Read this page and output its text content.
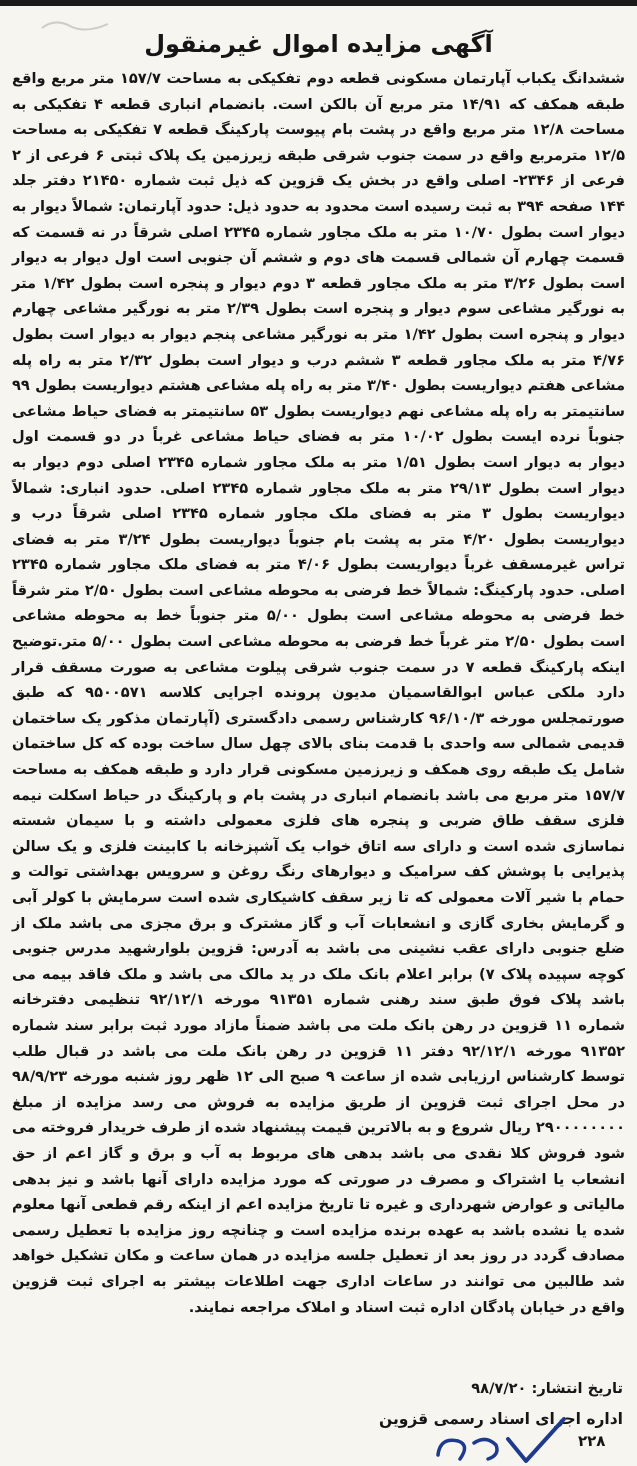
آگهی مزایده اموال غیرمنقول
ششدانگ یکباب آپارتمان مسکونی قطعه دوم تفکیکی به مساحت ۱۵۷/۷ متر مربع واقع طبقه همکف که ۱۴/۹۱ متر مربع آن بالکن است. بانضمام انباری قطعه ۴ تفکیکی به مساحت ۱۲/۸ متر مربع واقع در پشت بام پیوست پارکینگ قطعه ۷ تفکیکی به مساحت ۱۲/۵ مترمربع واقع در سمت جنوب شرقی طبقه زیرزمین یک پلاک ثبتی ۶ فرعی از ۲ فرعی از ۲۳۴۶- اصلی واقع در بخش یک قزوین که ذیل ثبت شماره ۲۱۴۵۰ دفتر جلد ۱۴۴ صفحه ۳۹۴ به ثبت رسیده است محدود به حدود ذیل: حدود آپارتمان: شمالاً دیوار به دیوار است بطول ۱۰/۷۰ متر به ملک مجاور شماره ۲۳۴۵ اصلی شرقاً در نه قسمت که قسمت چهارم آن شمالی قسمت های دوم و ششم آن جنوبی است اول دیوار به دیوار است بطول ۳/۲۶ متر به ملک مجاور قطعه ۳ دوم دیوار و پنجره است بطول ۱/۴۲ متر به نورگیر مشاعی سوم دیوار و پنجره است بطول ۲/۳۹ متر به نورگیر مشاعی چهارم دیوار و پنجره است بطول ۱/۴۲ متر به نورگیر مشاعی پنجم دیوار به دیوار است بطول ۴/۷۶ متر به ملک مجاور قطعه ۳ ششم درب و دیوار است بطول ۲/۳۲ متر به راه پله مشاعی هفتم دیواریست بطول ۳/۴۰ متر به راه پله مشاعی هشتم دیواریست بطول ۹۹ سانتیمتر به راه پله مشاعی نهم دیواریست بطول ۵۳ سانتیمتر به فضای حیاط مشاعی جنوباً نرده ایست بطول ۱۰/۰۲ متر به فضای حیاط مشاعی غرباً در دو قسمت اول دیوار به دیوار است بطول ۱/۵۱ متر به ملک مجاور شماره ۲۳۴۵ اصلی دوم دیوار به دیوار است بطول ۲۹/۱۳ متر به ملک مجاور شماره ۲۳۴۵ اصلی. حدود انباری: شمالاً دیواریست بطول ۳ متر به فضای ملک مجاور شماره ۲۳۴۵ اصلی شرقاً درب و دیواریست بطول ۴/۲۰ متر به پشت بام جنوباً دیواریست بطول ۳/۲۴ متر به فضای تراس غیرمسقف غرباً دیواریست بطول ۴/۰۶ متر به فضای ملک مجاور شماره ۲۳۴۵ اصلی. حدود پارکینگ: شمالاً خط فرضی به محوطه مشاعی است بطول ۲/۵۰ متر شرقاً خط فرضی به محوطه مشاعی است بطول ۵/۰۰ متر جنوباً خط به محوطه مشاعی است بطول ۲/۵۰ متر غرباً خط فرضی به محوطه مشاعی است بطول ۵/۰۰ متر.توضیح اینکه پارکینگ قطعه ۷ در سمت جنوب شرقی پیلوت مشاعی به صورت مسقف قرار دارد ملکی عباس ابوالقاسمیان مدیون پرونده اجرایی کلاسه ۹۵۰۰۵۷۱ که طبق صورتمجلس مورخه ۹۶/۱۰/۳ کارشناس رسمی دادگستری (آپارتمان مذکور یک ساختمان قدیمی شمالی سه واحدی با قدمت بنای بالای چهل سال ساخت بوده که کل ساختمان شامل یک طبقه روی همکف و زیرزمین مسکونی قرار دارد و طبقه همکف به مساحت ۱۵۷/۷ متر مربع می باشد بانضمام انباری در پشت بام و پارکینگ در حیاط اسکلت نیمه فلزی سقف طاق ضربی و پنجره های فلزی معمولی داشته و با سیمان شسته نماسازی شده است و دارای سه اتاق خواب یک آشپزخانه با کابینت فلزی و یک سالن پذیرایی با پوشش کف سرامیک و دیوارهای رنگ روغن و سرویس بهداشتی توالت و حمام با شیر آلات معمولی که تا زیر سقف کاشیکاری شده است سرمایش با کولر آبی و گرمایش بخاری گازی و انشعابات آب و گاز مشترک و برق مجزی می باشد ملک از ضلع جنوبی دارای عقب نشینی می باشد به آدرس: قزوین بلوارشهید مدرس جنوبی کوچه سپیده پلاک ۷) برابر اعلام بانک ملک در ید مالک می باشد و ملک فاقد بیمه می باشد پلاک فوق طبق سند رهنی شماره ۹۱۳۵۱ مورخه ۹۲/۱۲/۱ تنظیمی دفترخانه شماره ۱۱ قزوین در رهن بانک ملت می باشد ضمناً مازاد مورد ثبت برابر سند شماره ۹۱۳۵۲ مورخه ۹۲/۱۲/۱ دفتر ۱۱ قزوین در رهن بانک ملت می باشد در قبال طلب توسط کارشناس ارزیابی شده از ساعت ۹ صبح الی ۱۲ ظهر روز شنبه مورخه ۹۸/۹/۲۳ در محل اجرای ثبت قزوین از طریق مزایده به فروش می رسد مزایده از مبلغ ۲۹۰۰۰۰۰۰۰۰ ریال شروع و به بالاترین قیمت پیشنهاد شده از طرف خریدار فروخته می شود فروش کلا نقدی می باشد بدهی های مربوط به آب و برق و گاز اعم از حق انشعاب یا اشتراک و مصرف در صورتی که مورد مزایده دارای آنها باشد و نیز بدهی مالیاتی و عوارض شهرداری و غیره تا تاریخ مزایده اعم از اینکه رقم قطعی آنها معلوم شده یا نشده باشد به عهده برنده مزایده است و چنانچه روز مزایده با تعطیل رسمی مصادف گردد در روز بعد از تعطیل جلسه مزایده در همان ساعت و مکان تشکیل خواهد شد طالبین می توانند در ساعات اداری جهت اطلاعات بیشتر به اجرای ثبت قزوین واقع در خیابان پادگان اداره ثبت اسناد و املاک مراجعه نمایند.
تاریخ انتشار: ۹۸/۷/۲۰
اداره اجرای اسناد رسمی قزوین
۲۲۸
